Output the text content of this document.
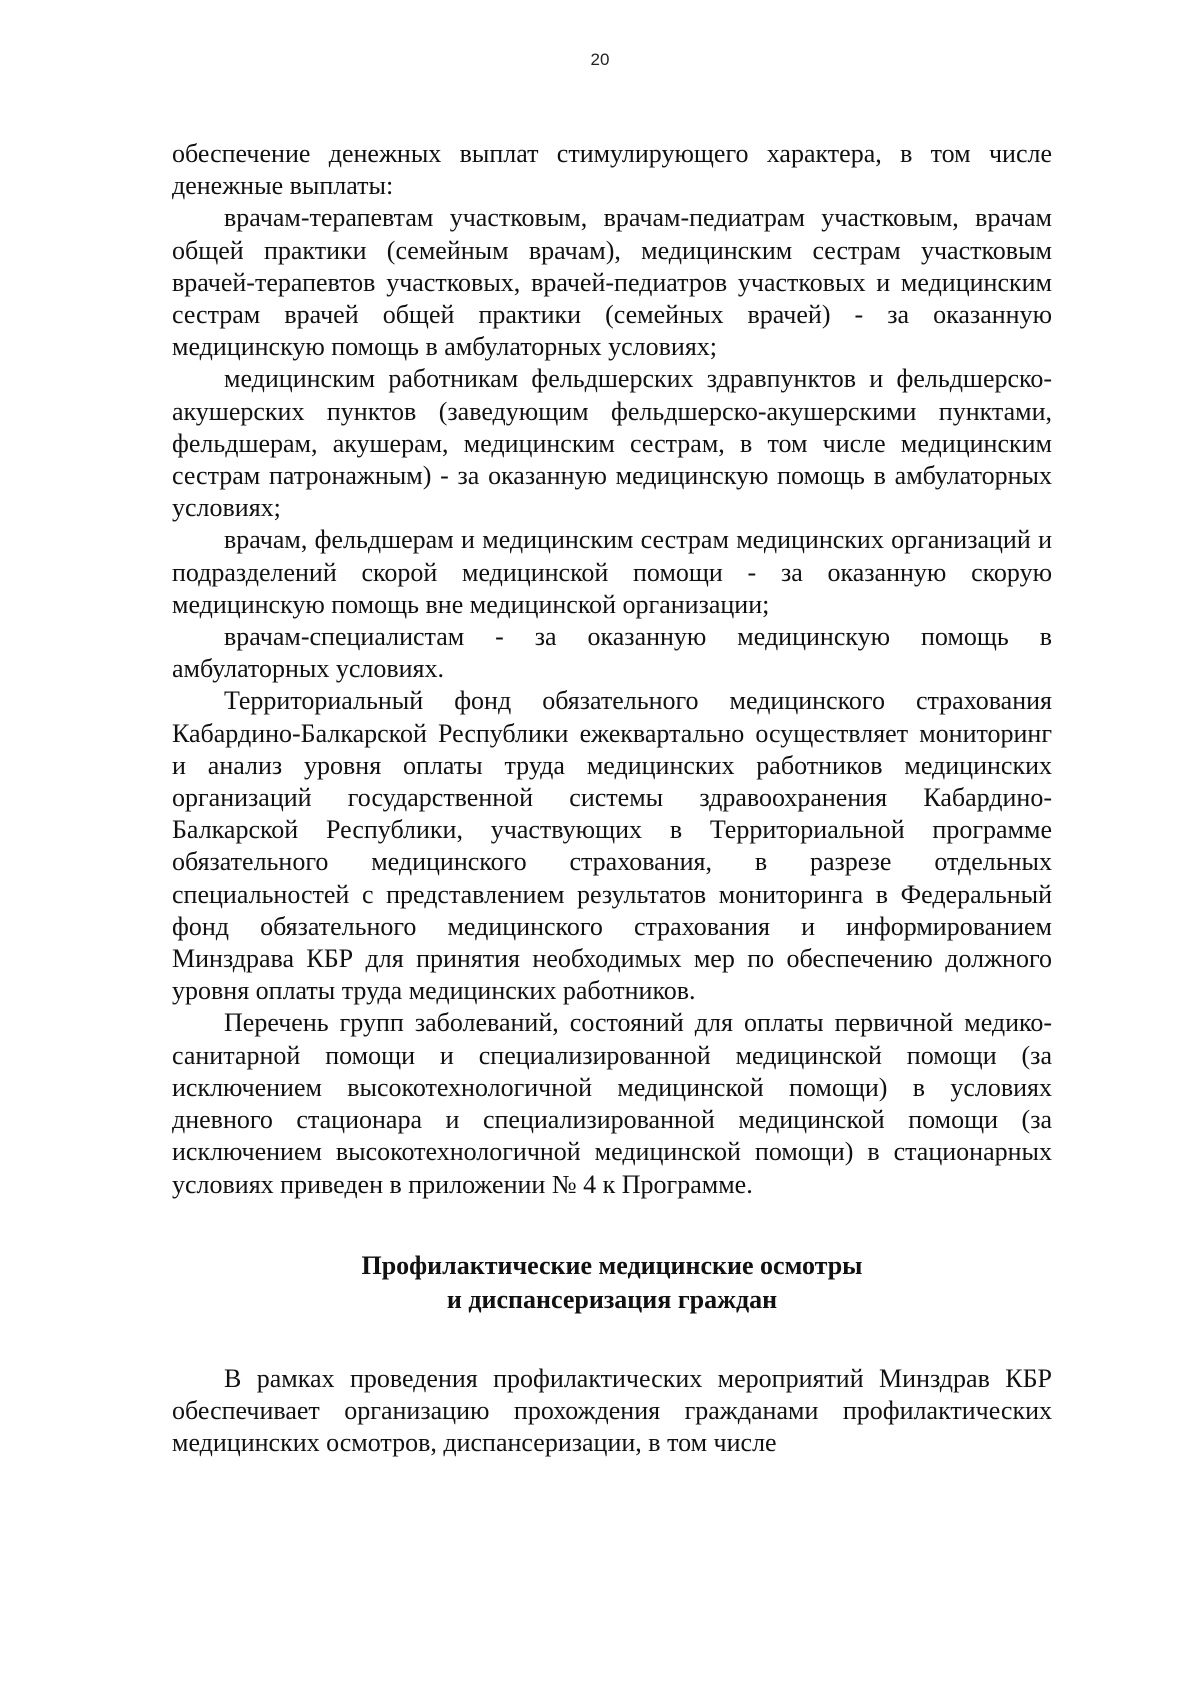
20

обеспечение денежных выплат стимулирующего характера, в том числе денежные выплаты:

врачам-терапевтам участковым, врачам-педиатрам участковым, врачам общей практики (семейным врачам), медицинским сестрам участковым врачей-терапевтов участковых, врачей-педиатров участковых и медицинским сестрам врачей общей практики (семейных врачей) - за оказанную медицинскую помощь в амбулаторных условиях;

медицинским работникам фельдшерских здравпунктов и фельдшерско-акушерских пунктов (заведующим фельдшерско-акушерскими пунктами, фельдшерам, акушерам, медицинским сестрам, в том числе медицинским сестрам патронажным) - за оказанную медицинскую помощь в амбулаторных условиях;

врачам, фельдшерам и медицинским сестрам медицинских организаций и подразделений скорой медицинской помощи - за оказанную скорую медицинскую помощь вне медицинской организации;

врачам-специалистам - за оказанную медицинскую помощь в амбулаторных условиях.

Территориальный фонд обязательного медицинского страхования Кабардино-Балкарской Республики ежеквартально осуществляет мониторинг и анализ уровня оплаты труда медицинских работников медицинских организаций государственной системы здравоохранения Кабардино-Балкарской Республики, участвующих в Территориальной программе обязательного медицинского страхования, в разрезе отдельных специальностей с представлением результатов мониторинга в Федеральный фонд обязательного медицинского страхования и информированием Минздрава КБР для принятия необходимых мер по обеспечению должного уровня оплаты труда медицинских работников.

Перечень групп заболеваний, состояний для оплаты первичной медико-санитарной помощи и специализированной медицинской помощи (за исключением высокотехнологичной медицинской помощи) в условиях дневного стационара и специализированной медицинской помощи (за исключением высокотехнологичной медицинской помощи) в стационарных условиях приведен в приложении № 4 к Программе.

Профилактические медицинские осмотры
и диспансеризация граждан

В рамках проведения профилактических мероприятий Минздрав КБР обеспечивает организацию прохождения гражданами профилактических медицинских осмотров, диспансеризации, в том числе
